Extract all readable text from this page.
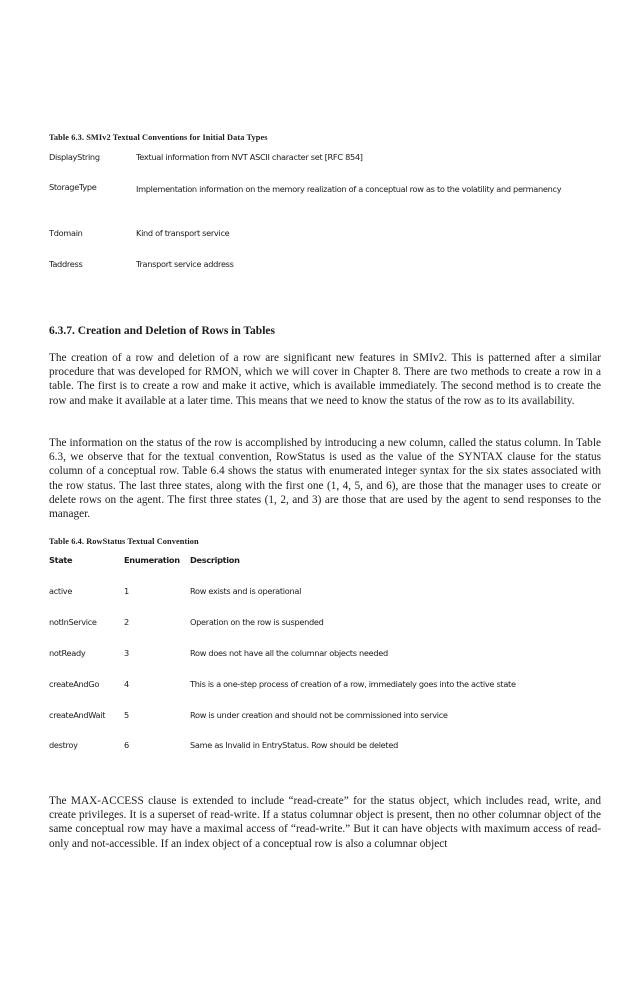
Table 6.3. SMIv2 Textual Conventions for Initial Data Types
DisplayString	Textual information from NVT ASCII character set [RFC 854]
StorageType	Implementation information on the memory realization of a conceptual row as to the volatility and permanency
Tdomain	Kind of transport service
Taddress	Transport service address
6.3.7. Creation and Deletion of Rows in Tables

The creation of a row and deletion of a row are significant new features in SMIv2. This is patterned after a similar procedure that was developed for RMON, which we will cover in Chapter 8. There are two methods to create a row in a table. The first is to create a row and make it active, which is available immediately. The second method is to create the row and make it available at a later time. This means that we need to know the status of the row as to its availability.

The information on the status of the row is accomplished by introducing a new column, called the status column. In Table 6.3, we observe that for the textual convention, RowStatus is used as the value of the SYNTAX clause for the status column of a conceptual row. Table 6.4 shows the status with enumerated integer syntax for the six states associated with the row status. The last three states, along with the first one (1, 4, 5, and 6), are those that the manager uses to create or delete rows on the agent. The first three states (1, 2, and 3) are those that are used by the agent to send responses to the manager.

Table 6.4. RowStatus Textual Convention
State	Enumeration Description
active	1	Row exists and is operational
notInService	2	Operation on the row is suspended
notReady	3	Row does not have all the columnar objects needed
createAndGo	4	This is a one-step process of creation of a row, immediately goes into the active state
createAndWait 5	Row is under creation and should not be commissioned into service
destroy	6	Same as Invalid in EntryStatus. Row should be deleted

The MAX-ACCESS clause is extended to include “read-create” for the status object, which includes read, write, and create privileges. It is a superset of read-write. If a status columnar object is present, then no other columnar object of the same conceptual row may have a maximal access of “read-write.” But it can have objects with maximum access of read-only and not-accessible. If an index object of a conceptual row is also a columnar object
